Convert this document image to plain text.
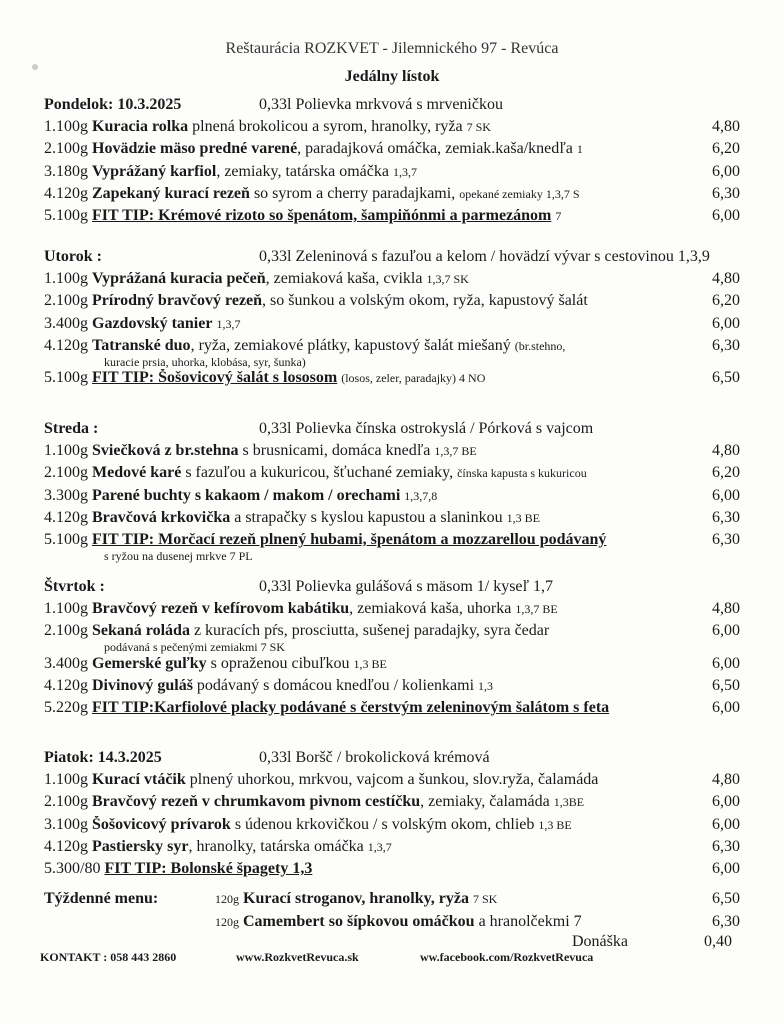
Reštaurácia ROZKVET - Jilemnického 97 - Revúca
Jedálny lístok
Pondelok: 10.3.2025	0,33l Polievka mrkvová s mrveničkou
1.100g Kuracia rolka plnená brokolicou a syrom, hranolky, ryža 7 SK	4,80
2.100g Hovädzie mäso predné varené, paradajková omáčka, zemiak.kaša/knedľa 1	6,20
3.180g Vyprážaný karfiol, zemiaky, tatárska omáčka 1,3,7	6,00
4.120g Zapekaný kurací rezeň so syrom a cherry paradajkami, opekané zemiaky 1,3,7 S	6,30
5.100g FIT TIP: Krémové rizoto so špenátom, šampiňónmi a parmezánom 7	6,00
Utorok :	0,33l Zeleninová s fazuľou a kelom / hovädzí vývar s cestovinou 1,3,9
1.100g Vyprážaná kuracia pečeň, zemiaková kaša, cvikla 1,3,7 SK	4,80
2.100g Prírodný bravčový rezeň, so šunkou a volským okom, ryža, kapustový šalát	6,20
3.400g Gazdovský tanier 1,3,7	6,00
4.120g Tatranské duo, ryža, zemiakové plátky, kapustový šalát miešaný (br.stehno,	6,30
kuracie prsia, uhorka, klobása, syr, šunka)
5.100g FIT TIP: Šošovicový šalát s lososom (losos, zeler, paradajky) 4 NO	6,50
Streda :	0,33l Polievka čínska ostrokyslá / Pórková s vajcom
1.100g Sviečková z br.stehna s brusnicami, domáca knedľa 1,3,7 BE	4,80
2.100g Medové karé s fazuľou a kukuricou, šťuchané zemiaky, čínska kapusta s kukuricou	6,20
3.300g Parené buchty s kakaom / makom / orechami 1,3,7,8	6,00
4.120g Bravčová krkovička a strapačky s kyslou kapustou a slaninkou 1,3 BE	6,30
5.100g FIT TIP: Morčací rezeň plnený hubami, špenátom a mozzarellou podávaný	6,30
s ryžou na dusenej mrkve 7 PL
Štvrtok :	0,33l Polievka gulášová s mäsom 1/ kyseľ 1,7
1.100g Bravčový rezeň v kefírovom kabátiku, zemiaková kaša, uhorka 1,3,7 BE	4,80
2.100g Sekaná roláda z kuracích pŕs, prosciutta, sušenej paradajky, syra čedar	6,00
podávaná s pečenými zemiakmi 7 SK
3.400g Gemerské guľky s opraženou cibuľkou 1,3 BE	6,00
4.120g Divinový guláš podávaný s domácou knedľou / kolienkami 1,3	6,50
5.220g FIT TIP:Karfiolové placky podávané s čerstvým zeleninovým šalátom s feta	6,00
Piatok: 14.3.2025	0,33l Boršč / brokolicková krémová
1.100g Kurací vtáčik plnený uhorkou, mrkvou, vajcom a šunkou, slov.ryža, čalamáda	4,80
2.100g Bravčový rezeň v chrumkavom pivnom cestíčku, zemiaky, čalamáda 1,3BE	6,00
3.100g Šošovicový prívarok s údenou krkovičkou / s volským okom, chlieb 1,3 BE	6,00
4.120g Pastiersky syr, hranolky, tatárska omáčka 1,3,7	6,30
5.300/80 FIT TIP: Bolonské špagety 1,3	6,00
Týždenné menu:	120g Kurací stroganov, hranolky, ryža 7 SK	6,50
120g Camembert so šípkovou omáčkou a hranolčekmi 7	6,30
Donáška	0,40
KONTAKT : 058 443 2860	www.RozkvetRevuca.sk	ww.facebook.com/RozkvetRevuca
